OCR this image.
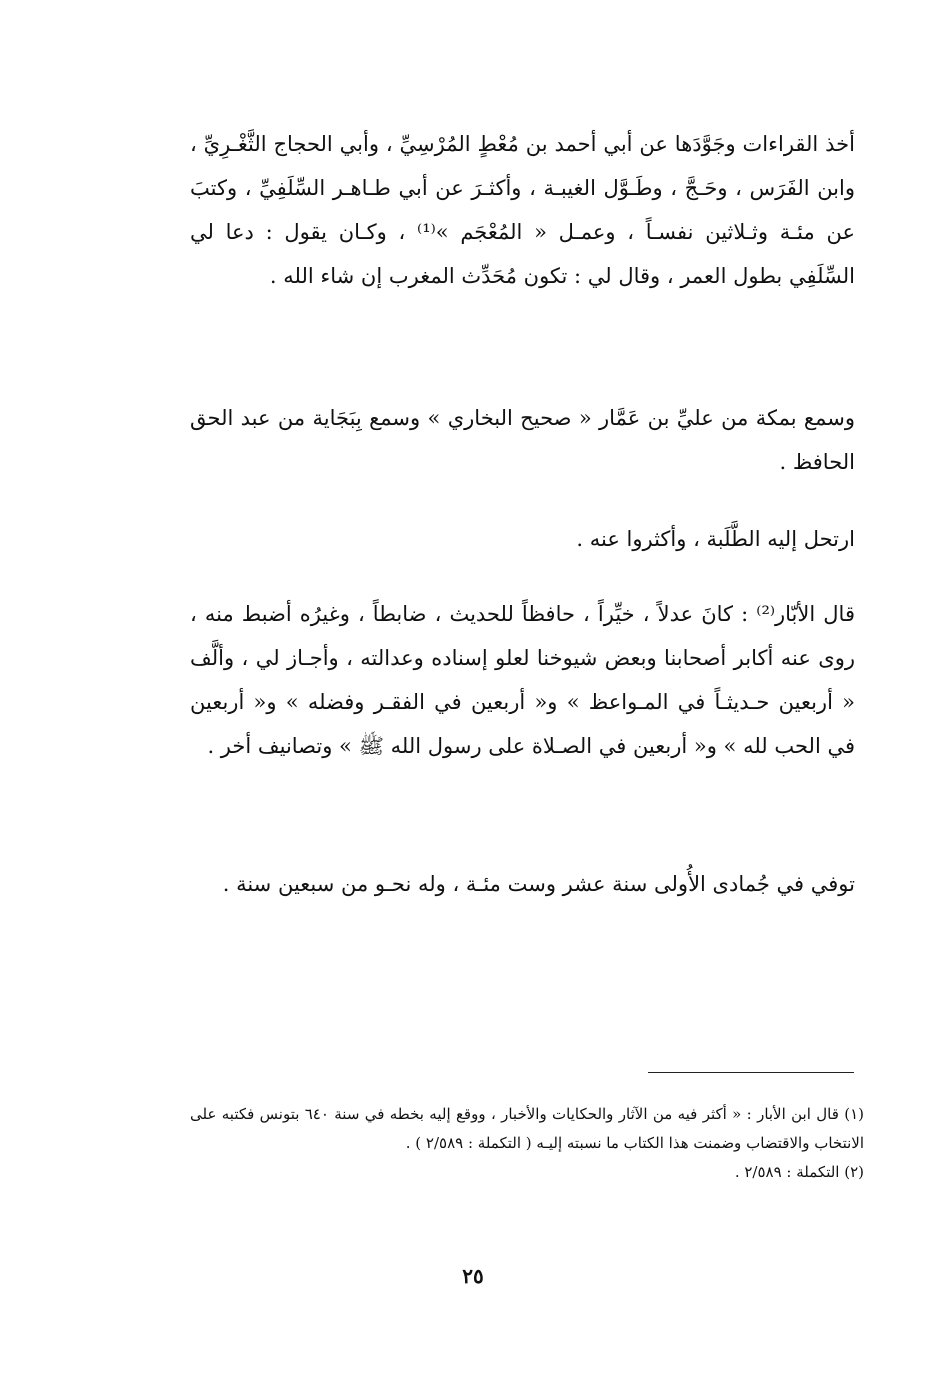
أخذ القراءات وجَوَّدَها عن أبي أحمد بن مُعْطٍ المُرْسِيِّ ، وأبي الحجاج الثَّغْـرِيِّ ، وابن الفَرَس ، وحَـجَّ ، وطَـوَّل الغيبـة ، وأكثـرَ عن أبي طـاهـر السِّلَفِيِّ ، وكتبَ عن مئـة وثـلاثين نفسـاً ، وعمـل « المُعْجَم »⁽¹⁾ ، وكـان يقول : دعا لي السِّلَفِي بطول العمر ، وقال لي : تكون مُحَدِّث المغرب إن شاء الله .

وسمع بمكة من عليِّ بن عَمَّار « صحيح البخاري » وسمع بِبَجَاية من عبد الحق الحافظ .

ارتحل إليه الطَّلَبة ، وأكثروا عنه .

قال الأبّار⁽²⁾ : كانَ عدلاً ، خيِّراً ، حافظاً للحديث ، ضابطاً ، وغيرُه أضبط منه ، روى عنه أكابر أصحابنا وبعض شيوخنا لعلو إسناده وعدالته ، وأجـاز لي ، وألَّف « أربعين حـديثـاً في المـواعظ » و« أربعين في الفقـر وفضله » و« أربعين في الحب لله » و« أربعين في الصـلاة على رسول الله ﷺ » وتصانيف أخر .

توفي في جُمادى الأُولى سنة عشر وست مئـة ، وله نحـو من سبعين سنة .

(١) قال ابن الأبار : « أكثر فيه من الآثار والحكايات والأخبار ، ووقع إليه بخطه في سنة ٦٤٠ بتونس فكتبه على الانتخاب والاقتضاب وضمنت هذا الكتاب ما نسبته إليـه ( التكملة : ٢/٥٨٩ ) .

(٢) التكملة : ٢/٥٨٩ .

٢٥
